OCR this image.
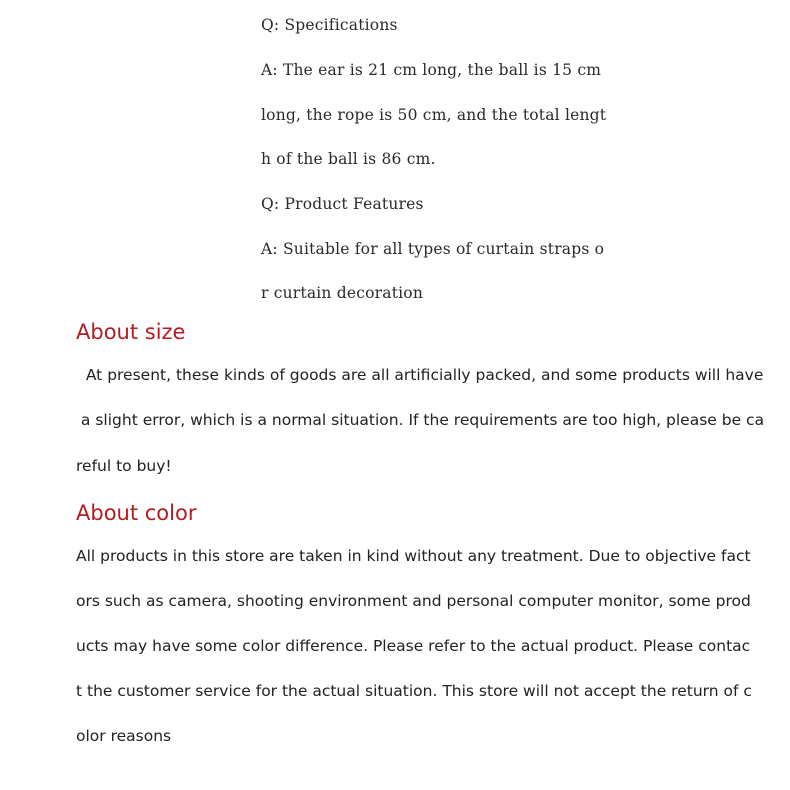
Q: Specifications
A: The ear is 21 cm long, the ball is 15 cm
long, the rope is 50 cm, and the total lengt
h of the ball is 86 cm.
Q: Product Features
A: Suitable for all types of curtain straps o
r curtain decoration
About size
At present, these kinds of goods are all artificially packed, and some products will have
a slight error, which is a normal situation. If the requirements are too high, please be ca
reful to buy!
About color
All products in this store are taken in kind without any treatment. Due to objective fact
ors such as camera, shooting environment and personal computer monitor, some prod
ucts may have some color difference. Please refer to the actual product. Please contac
t the customer service for the actual situation. This store will not accept the return of c
olor reasons
